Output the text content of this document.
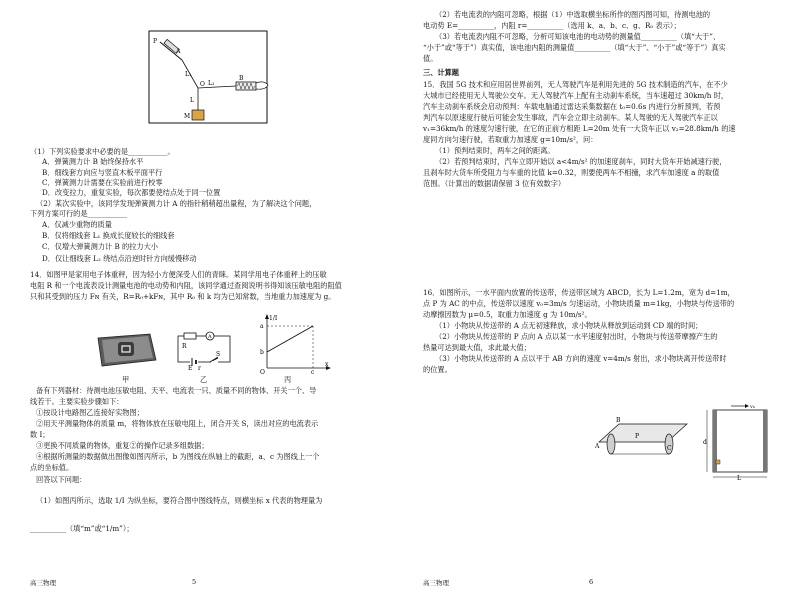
P
A
L₁
O L₂
B
L
M
（1）下列实验要求中必要的是___________。
A．弹簧测力计 B 始终保持水平
B．细线套方向应与竖直木板平面平行
C．弹簧测力计需要在实验前进行校零
D．改变拉力，重复实验，每次都要使结点处于同一位置
（2）某次实验中，该同学发现弹簧测力计 A 的指针稍稍超出量程，为了解决这个问题，
下列方案可行的是___________
A．仅减少重物的质量
B．仅将细线套 L₁ 换成长度较长的细线套
C．仅增大弹簧测力计 B 的拉力大小
D．仅让细线套 L₂ 绕结点沿逆时针方向缓慢移动
14．如图甲是家用电子体重秤，因为轻小方便深受人们的青睐。某同学用电子体重秤上的压敏
电阻 R 和一个电流表设计测量电池的电动势和内阻，该同学通过查阅说明书得知该压敏电阻的阻值
只和其受到的压力 Fɴ 有关，R=R₀+kFɴ，其中 R₀ 和 k 均为已知常数，当地重力加速度为 g。
甲
R
A
S
E r
乙
1/I
x
O
a
b
c
丙
备有下列器材：待测电池压敏电阻、天平、电流表一只、质量不同的物体、开关一个、导
线若干。主要实验步骤如下：
①按设计电路图乙连接好实物图；
②用天平测量物体的质量 m，将物体放在压敏电阻上，闭合开关 S，读出对应的电流表示
数 I；
③更换不同质量的物体，重复②的操作记录多组数据；
④根据所测量的数据做出图像如图丙所示，b 为图线在纵轴上的截距，a、c 为图线上一个
点的坐标值。
回答以下问题：
（1）如图丙所示，选取 1/I 为纵坐标，要符合图中图线特点，则横坐标 x 代表的物理量为
__________（填“m”或“1/m”）；
高三物理	5
（2）若电流表的内阻可忽略，根据（1）中选取横坐标所作的图丙图可知，待测电池的
电动势 E=__________，内阻 r=__________（选用 k、a、b、c、g、R₀ 表示）；
（3）若电流表内阻不可忽略，分析可知该电池的电动势的测量值__________（填“大于”、
“小于”或“等于”）真实值，该电池内阻的测量值__________（填“大于”、“小于”或“等于”）真实
值。
三、计算题
15．我国 5G 技术和应用居世界前列，无人驾驶汽车是利用先进的 5G 技术制造的汽车，在不少
大城市已经使用无人驾驶公交车。无人驾驶汽车上配有主动刹车系统，当车速超过 30km/h 时，
汽车主动刹车系统会启动预判：车载电脑通过雷达采集数据在 t₀=0.6s 内进行分析预判，若预
判汽车以原速度行驶后可能会发生事故，汽车会立即主动刹车。某人驾驶的无人驾驶汽车正以
v₁=36km/h 的速度匀速行驶，在它的正前方相距 L=20m 处有一大货车正以 v₂=28.8km/h 的速
度同方向匀速行驶，若取重力加速度 g=10m/s²，问：
（1）预判结束时，两车之间的距离。
（2）若预判结束时，汽车立即开始以 a<4m/s² 的加速度刹车，同时大货车开始减速行驶，
且刹车时大货车所受阻力与车重的比值 k=0.32，则要使两车不相撞，求汽车加速度 a 的取值
范围。（计算出的数据请保留 3 位有效数字）
16．如图所示，一水平面内放置的传送带，传送带区域为 ABCD，长为 L=1.2m，宽为 d=1m，
点 P 为 AC 的中点，传送带以速度 v₀=3m/s 匀速运动，小物块质量 m=1kg，小物块与传送带的
动摩擦因数为 μ=0.5，取重力加速度 g 为 10m/s²。
（1）小物块从传送带的 A 点无初速释放，求小物块从释放到运动到 CD 端的时间；
（2）小物块从传送带的 P 点向 A 点以某一水平速度射出时，小物块与传送带摩擦产生的
热量可达到最大值，求此最大值；
（3）小物块从传送带的 A 点以平于 AB 方向的速度 v=4m/s 射出，求小物块离开传送带时
的位置。
A
B
C
P
v₀
d
L
高三物理	6
